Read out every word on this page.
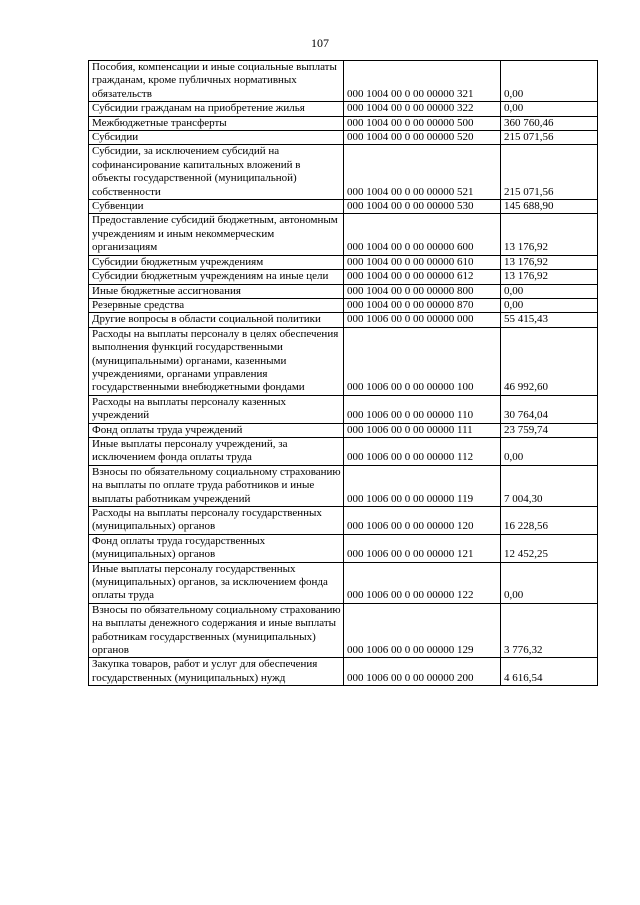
107
Пособия, компенсации и иные социальные выплаты гражданам, кроме публичных нормативных обязательств	000 1004 00 0 00 00000 321	0,00
Субсидии гражданам на приобретение жилья	000 1004 00 0 00 00000 322	0,00
Межбюджетные трансферты	000 1004 00 0 00 00000 500	360 760,46
Субсидии	000 1004 00 0 00 00000 520	215 071,56
Субсидии, за исключением субсидий на софинансирование капитальных вложений в объекты государственной (муниципальной) собственности	000 1004 00 0 00 00000 521	215 071,56
Субвенции	000 1004 00 0 00 00000 530	145 688,90
Предоставление субсидий бюджетным, автономным учреждениям и иным некоммерческим организациям	000 1004 00 0 00 00000 600	13 176,92
Субсидии бюджетным учреждениям	000 1004 00 0 00 00000 610	13 176,92
Субсидии бюджетным учреждениям на иные цели	000 1004 00 0 00 00000 612	13 176,92
Иные бюджетные ассигнования	000 1004 00 0 00 00000 800	0,00
Резервные средства	000 1004 00 0 00 00000 870	0,00
Другие вопросы в области социальной политики	000 1006 00 0 00 00000 000	55 415,43
Расходы на выплаты персоналу в целях обеспечения выполнения функций государственными (муниципальными) органами, казенными учреждениями, органами управления государственными внебюджетными фондами	000 1006 00 0 00 00000 100	46 992,60
Расходы на выплаты персоналу казенных учреждений	000 1006 00 0 00 00000 110	30 764,04
Фонд оплаты труда учреждений	000 1006 00 0 00 00000 111	23 759,74
Иные выплаты персоналу учреждений, за исключением фонда оплаты труда	000 1006 00 0 00 00000 112	0,00
Взносы по обязательному социальному страхованию на выплаты по оплате труда работников и иные выплаты работникам учреждений	000 1006 00 0 00 00000 119	7 004,30
Расходы на выплаты персоналу государственных (муниципальных) органов	000 1006 00 0 00 00000 120	16 228,56
Фонд оплаты труда государственных (муниципальных) органов	000 1006 00 0 00 00000 121	12 452,25
Иные выплаты персоналу государственных (муниципальных) органов, за исключением фонда оплаты труда	000 1006 00 0 00 00000 122	0,00
Взносы по обязательному социальному страхованию на выплаты денежного содержания и иные выплаты работникам государственных (муниципальных) органов	000 1006 00 0 00 00000 129	3 776,32
Закупка товаров, работ и услуг для обеспечения государственных (муниципальных) нужд	000 1006 00 0 00 00000 200	4 616,54
